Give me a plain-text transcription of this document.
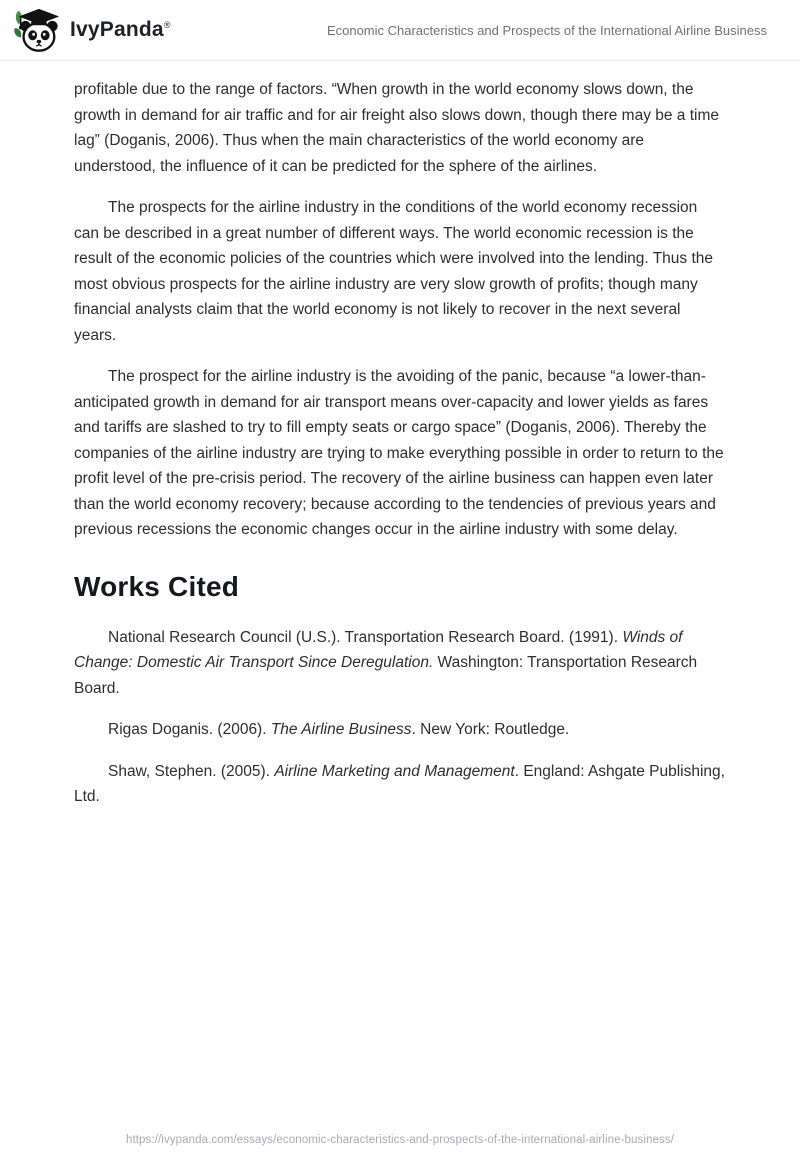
IvyPanda®	Economic Characteristics and Prospects of the International Airline Business

profitable due to the range of factors. “When growth in the world economy slows down, the growth in demand for air traffic and for air freight also slows down, though there may be a time lag” (Doganis, 2006). Thus when the main characteristics of the world economy are understood, the influence of it can be predicted for the sphere of the airlines.

The prospects for the airline industry in the conditions of the world economy recession can be described in a great number of different ways. The world economic recession is the result of the economic policies of the countries which were involved into the lending. Thus the most obvious prospects for the airline industry are very slow growth of profits; though many financial analysts claim that the world economy is not likely to recover in the next several years.

The prospect for the airline industry is the avoiding of the panic, because “a lower-than-anticipated growth in demand for air transport means over-capacity and lower yields as fares and tariffs are slashed to try to fill empty seats or cargo space” (Doganis, 2006). Thereby the companies of the airline industry are trying to make everything possible in order to return to the profit level of the pre-crisis period. The recovery of the airline business can happen even later than the world economy recovery; because according to the tendencies of previous years and previous recessions the economic changes occur in the airline industry with some delay.

Works Cited

National Research Council (U.S.). Transportation Research Board. (1991). Winds of Change: Domestic Air Transport Since Deregulation. Washington: Transportation Research Board.

Rigas Doganis. (2006). The Airline Business. New York: Routledge.

Shaw, Stephen. (2005). Airline Marketing and Management. England: Ashgate Publishing, Ltd.

https://ivypanda.com/essays/economic-characteristics-and-prospects-of-the-international-airline-business/
